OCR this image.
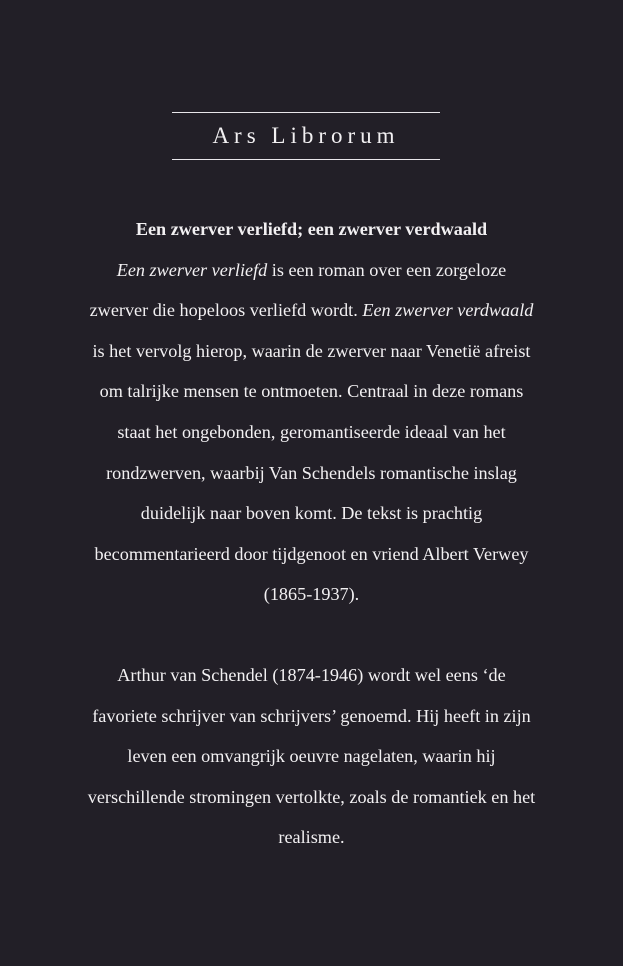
Ars Librorum

Een zwerver verliefd; een zwerver verdwaald

Een zwerver verliefd is een roman over een zorgeloze zwerver die hopeloos verliefd wordt. Een zwerver verdwaald is het vervolg hierop, waarin de zwerver naar Venetië afreist om talrijke mensen te ontmoeten. Centraal in deze romans staat het ongebonden, geromantiseerde ideaal van het rondzwerven, waarbij Van Schendels romantische inslag duidelijk naar boven komt. De tekst is prachtig becommentarieerd door tijdgenoot en vriend Albert Verwey (1865-1937).

Arthur van Schendel (1874-1946) wordt wel eens ‘de favoriete schrijver van schrijvers’ genoemd. Hij heeft in zijn leven een omvangrijk oeuvre nagelaten, waarin hij verschillende stromingen vertolkte, zoals de romantiek en het realisme.
